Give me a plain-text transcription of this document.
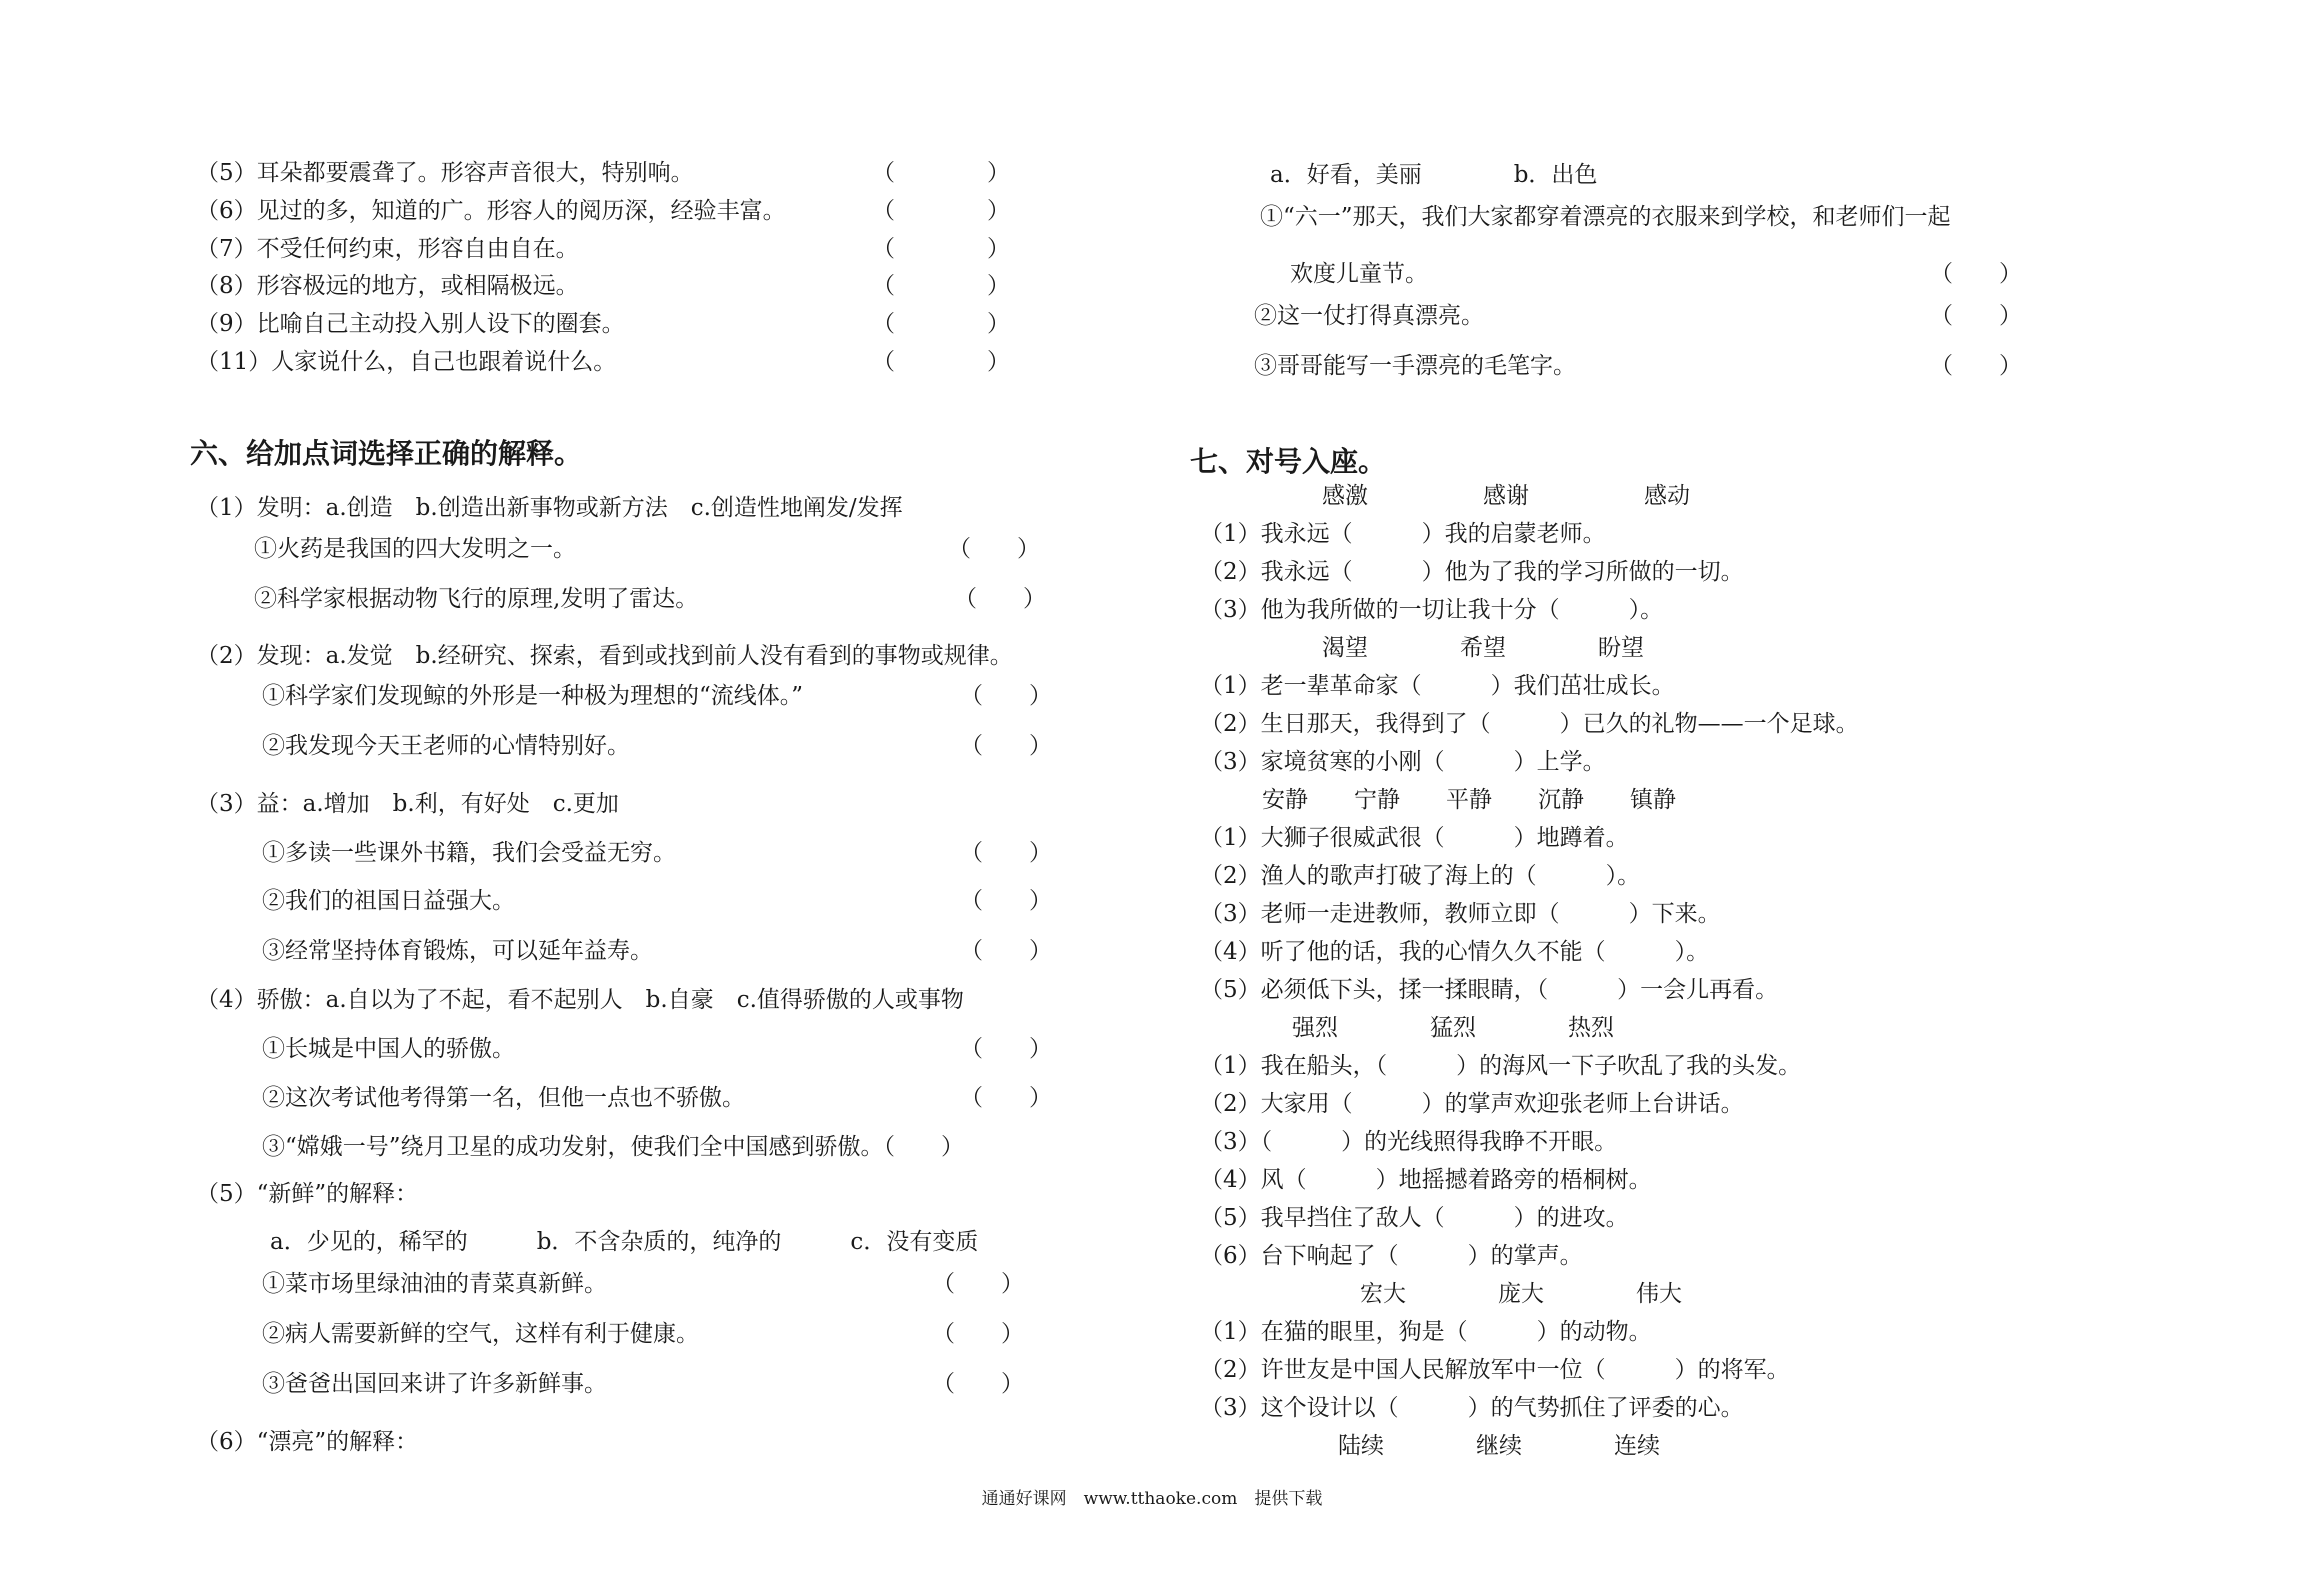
（5）耳朵都要震聋了。形容声音很大，特别响。	（　　　　）
（6）见过的多，知道的广。形容人的阅历深，经验丰富。	（　　　　）
（7）不受任何约束，形容自由自在。	（　　　　）
（8）形容极远的地方，或相隔极远。	（　　　　）
（9）比喻自己主动投入别人设下的圈套。	（　　　　）
（11）人家说什么，自己也跟着说什么。	（　　　　）
六、给加点词选择正确的解释。
（1）发明：a.创造　b.创造出新事物或新方法　c.创造性地阐发/发挥
①火药是我国的四大发明之一。	（　　）
②科学家根据动物飞行的原理,发明了雷达。	（　　）
（2）发现：a.发觉　b.经研究、探索，看到或找到前人没有看到的事物或规律。
①科学家们发现鲸的外形是一种极为理想的“流线体。”	（　　）
②我发现今天王老师的心情特别好。	（　　）
（3）益：a.增加　b.利，有好处　c.更加
①多读一些课外书籍，我们会受益无穷。	（　　）
②我们的祖国日益强大。	（　　）
③经常坚持体育锻炼，可以延年益寿。	（　　）
（4）骄傲：a.自以为了不起，看不起别人　b.自豪　c.值得骄傲的人或事物
①长城是中国人的骄傲。	（　　）
②这次考试他考得第一名，但他一点也不骄傲。	（　　）
③“嫦娥一号”绕月卫星的成功发射，使我们全中国感到骄傲。（　　）
（5）“新鲜”的解释：
a．少见的，稀罕的　　　b．不含杂质的，纯净的　　　c．没有变质
①菜市场里绿油油的青菜真新鲜。	（　　）
②病人需要新鲜的空气，这样有利于健康。	（　　）
③爸爸出国回来讲了许多新鲜事。	（　　）
（6）“漂亮”的解释：
a．好看，美丽　　　　b．出色
①“六一”那天，我们大家都穿着漂亮的衣服来到学校，和老师们一起
欢度儿童节。	（　　）
②这一仗打得真漂亮。	（　　）
③哥哥能写一手漂亮的毛笔字。	（　　）
七、对号入座。
感激　　　　　感谢　　　　　感动
（1）我永远（　　　）我的启蒙老师。
（2）我永远（　　　）他为了我的学习所做的一切。
（3）他为我所做的一切让我十分（　　　）。
渴望　　　　希望　　　　盼望
（1）老一辈革命家（　　　）我们茁壮成长。
（2）生日那天，我得到了（　　　）已久的礼物——一个足球。
（3）家境贫寒的小刚（　　　）上学。
安静　　宁静　　平静　　沉静　　镇静
（1）大狮子很威武很（　　　）地蹲着。
（2）渔人的歌声打破了海上的（　　　）。
（3）老师一走进教师，教师立即（　　　）下来。
（4）听了他的话，我的心情久久不能（　　　）。
（5）必须低下头，揉一揉眼睛，（　　　）一会儿再看。
强烈　　　　猛烈　　　　热烈
（1）我在船头，（　　　）的海风一下子吹乱了我的头发。
（2）大家用（　　　）的掌声欢迎张老师上台讲话。
（3）（　　　）的光线照得我睁不开眼。
（4）风（　　　）地摇撼着路旁的梧桐树。
（5）我早挡住了敌人（　　　）的进攻。
（6）台下响起了（　　　）的掌声。
宏大　　　　庞大　　　　伟大
（1）在猫的眼里，狗是（　　　）的动物。
（2）许世友是中国人民解放军中一位（　　　）的将军。
（3）这个设计以（　　　）的气势抓住了评委的心。
陆续　　　　继续　　　　连续
通通好课网　www.tthaoke.com　提供下载
